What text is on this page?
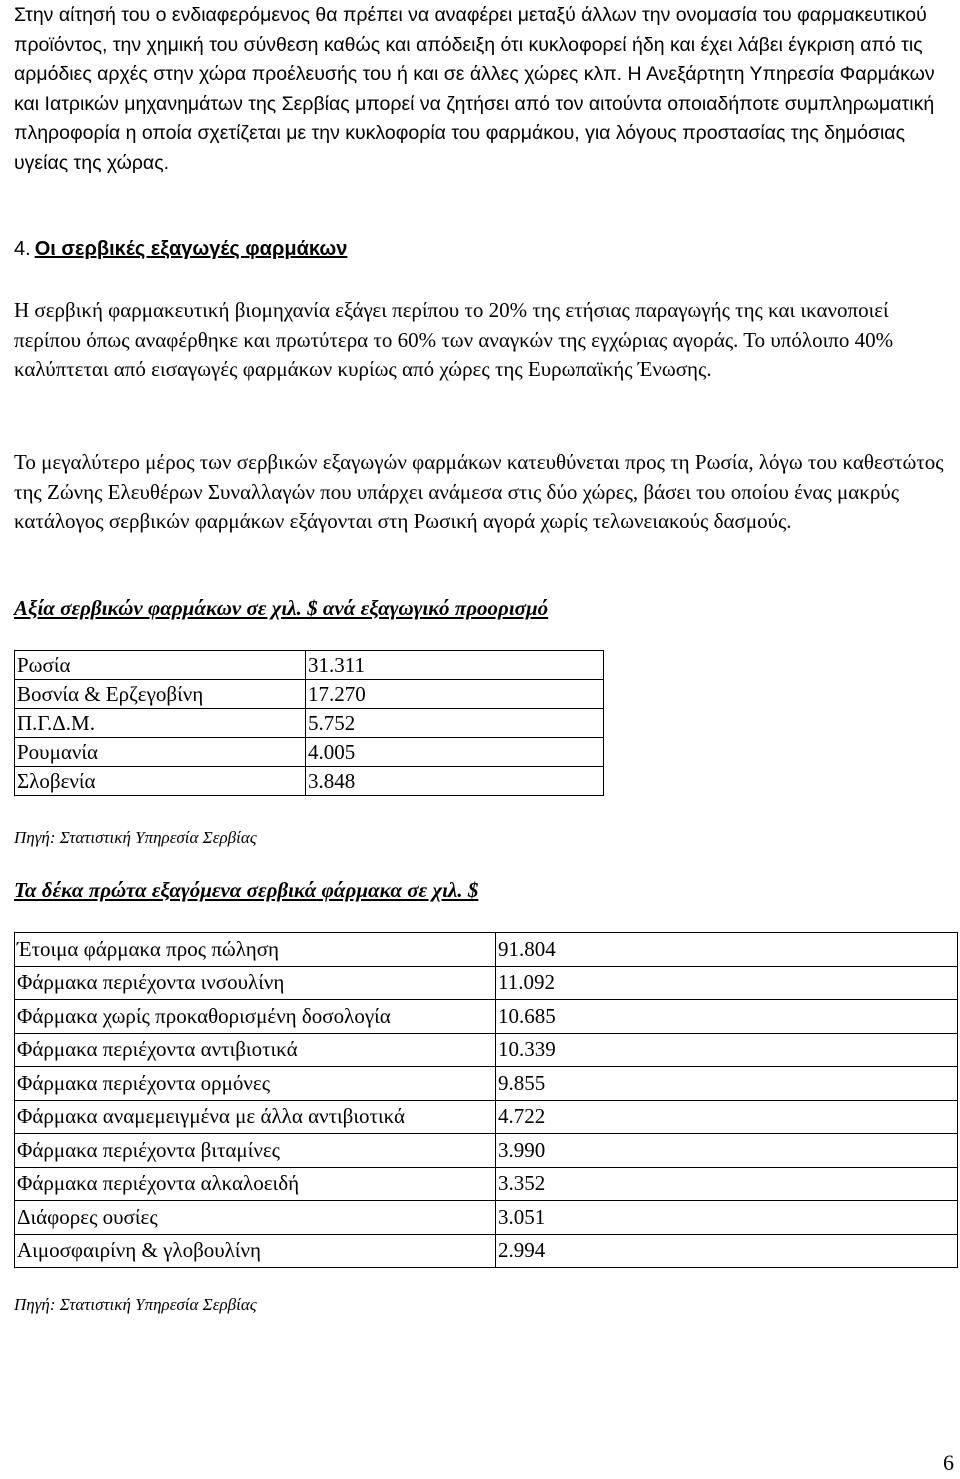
Στην αίτησή του ο ενδιαφερόμενος θα πρέπει να αναφέρει μεταξύ άλλων την ονομασία του φαρμακευτικού προϊόντος, την χημική του σύνθεση καθώς και απόδειξη ότι κυκλοφορεί ήδη και έχει λάβει έγκριση από τις αρμόδιες αρχές στην χώρα προέλευσής του ή και σε άλλες χώρες κλπ. Η Ανεξάρτητη Υπηρεσία Φαρμάκων και Ιατρικών μηχανημάτων της Σερβίας μπορεί να ζητήσει από τον αιτούντα οποιαδήποτε συμπληρωματική πληροφορία η οποία σχετίζεται με την κυκλοφορία του φαρμάκου, για λόγους προστασίας της δημόσιας υγείας της χώρας.

4. Οι σερβικές εξαγωγές φαρμάκων

Η σερβική φαρμακευτική βιομηχανία εξάγει περίπου το 20% της ετήσιας παραγωγής της και ικανοποιεί περίπου όπως αναφέρθηκε και πρωτύτερα το 60% των αναγκών της εγχώριας αγοράς. Το υπόλοιπο 40% καλύπτεται από εισαγωγές φαρμάκων κυρίως από χώρες της Ευρωπαϊκής Ένωσης.

Το μεγαλύτερο μέρος των σερβικών εξαγωγών φαρμάκων κατευθύνεται προς τη Ρωσία, λόγω του καθεστώτος της Ζώνης Ελευθέρων Συναλλαγών που υπάρχει ανάμεσα στις δύο χώρες, βάσει του οποίου ένας μακρύς κατάλογος σερβικών φαρμάκων εξάγονται στη Ρωσική αγορά χωρίς τελωνειακούς δασμούς.

Αξία σερβικών φαρμάκων σε χιλ. $ ανά εξαγωγικό προορισμό

Ρωσία	31.311
Βοσνία & Ερζεγοβίνη	17.270
Π.Γ.Δ.Μ.	5.752
Ρουμανία	4.005
Σλοβενία	3.848

Πηγή: Στατιστική Υπηρεσία Σερβίας

Τα δέκα πρώτα εξαγόμενα σερβικά φάρμακα σε χιλ. $

Έτοιμα φάρμακα προς πώληση	91.804
Φάρμακα περιέχοντα ινσουλίνη	11.092
Φάρμακα χωρίς προκαθορισμένη δοσολογία	10.685
Φάρμακα περιέχοντα αντιβιοτικά	10.339
Φάρμακα περιέχοντα ορμόνες	9.855
Φάρμακα αναμεμειγμένα με άλλα αντιβιοτικά	4.722
Φάρμακα περιέχοντα βιταμίνες	3.990
Φάρμακα περιέχοντα αλκαλοειδή	3.352
Διάφορες ουσίες	3.051
Αιμοσφαιρίνη & γλοβουλίνη	2.994

Πηγή: Στατιστική Υπηρεσία Σερβίας

6
